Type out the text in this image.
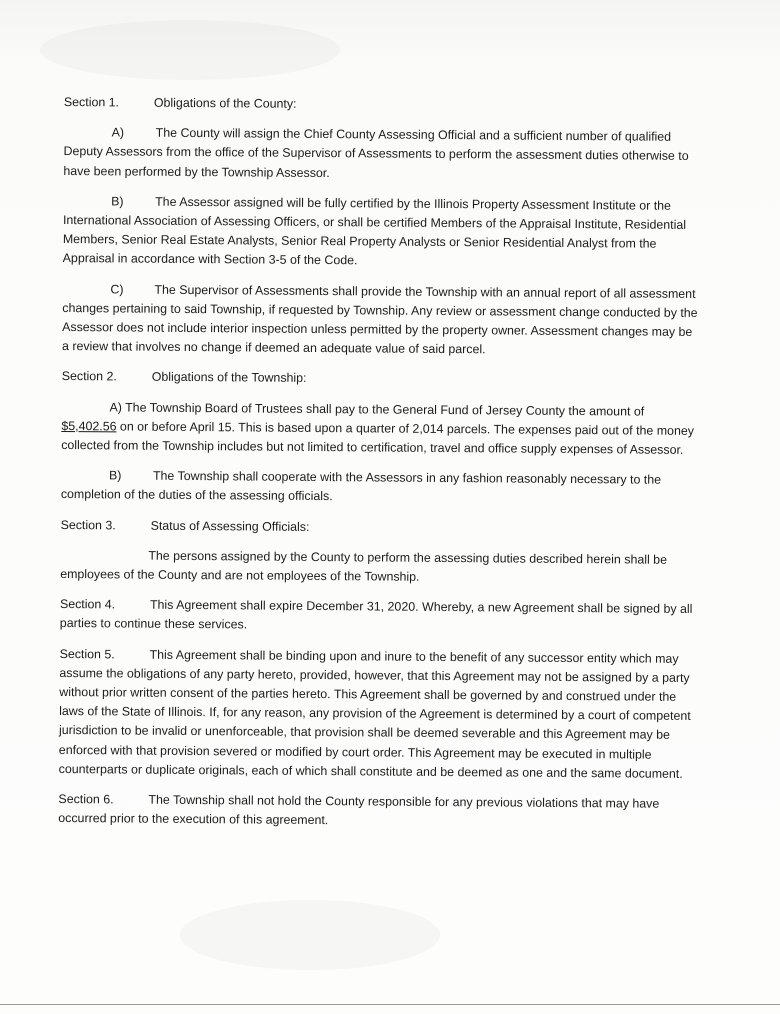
Section 1.	Obligations of the County:

A)	The County will assign the Chief County Assessing Official and a sufficient number of qualified Deputy Assessors from the office of the Supervisor of Assessments to perform the assessment duties otherwise to have been performed by the Township Assessor.

B)	The Assessor assigned will be fully certified by the Illinois Property Assessment Institute or the International Association of Assessing Officers, or shall be certified Members of the Appraisal Institute, Residential Members, Senior Real Estate Analysts, Senior Real Property Analysts or Senior Residential Analyst from the Appraisal in accordance with Section 3-5 of the Code.

C) The Supervisor of Assessments shall provide the Township with an annual report of all assessment changes pertaining to said Township, if requested by Township. Any review or assessment change conducted by the Assessor does not include interior inspection unless permitted by the property owner. Assessment changes may be a review that involves no change if deemed an adequate value of said parcel.

Section 2.	Obligations of the Township:

A) The Township Board of Trustees shall pay to the General Fund of Jersey County the amount of $5,402.56 on or before April 15. This is based upon a quarter of 2,014 parcels. The expenses paid out of the money collected from the Township includes but not limited to certification, travel and office supply expenses of Assessor.

B)	The Township shall cooperate with the Assessors in any fashion reasonably necessary to the completion of the duties of the assessing officials.

Section 3.	Status of Assessing Officials:

The persons assigned by the County to perform the assessing duties described herein shall be employees of the County and are not employees of the Township.

Section 4.	This Agreement shall expire December 31, 2020. Whereby, a new Agreement shall be signed by all parties to continue these services.

Section 5.	This Agreement shall be binding upon and inure to the benefit of any successor entity which may assume the obligations of any party hereto, provided, however, that this Agreement may not be assigned by a party without prior written consent of the parties hereto. This Agreement shall be governed by and construed under the laws of the State of Illinois. If, for any reason, any provision of the Agreement is determined by a court of competent jurisdiction to be invalid or unenforceable, that provision shall be deemed severable and this Agreement may be enforced with that provision severed or modified by court order. This Agreement may be executed in multiple counterparts or duplicate originals, each of which shall constitute and be deemed as one and the same document.

Section 6.	The Township shall not hold the County responsible for any previous violations that may have occurred prior to the execution of this agreement.
